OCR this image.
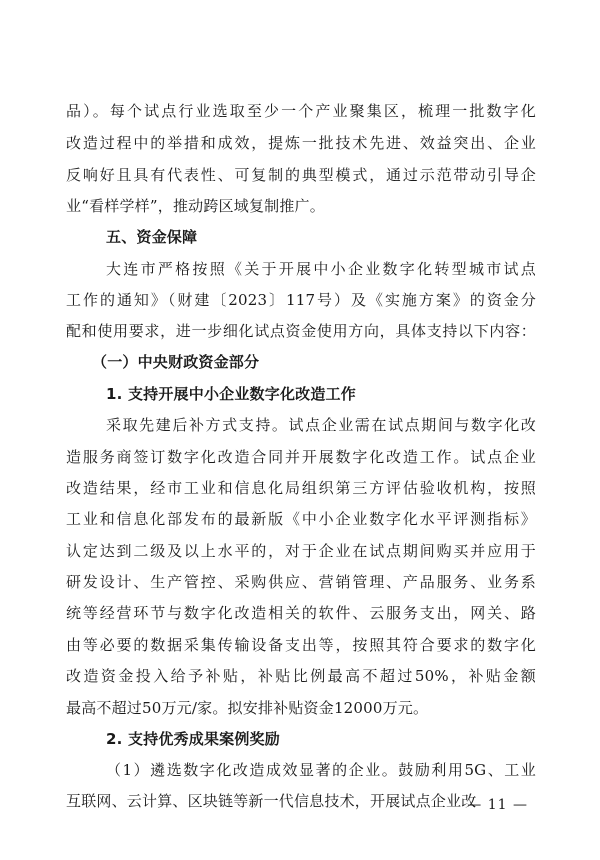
品）。每个试点行业选取至少一个产业聚集区，梳理一批数字化
改造过程中的举措和成效，提炼一批技术先进、效益突出、企业
反响好且具有代表性、可复制的典型模式，通过示范带动引导企
业“看样学样”，推动跨区域复制推广。
五、资金保障
大连市严格按照《关于开展中小企业数字化转型城市试点
工作的通知》（财建〔2023〕117号）及《实施方案》的资金分
配和使用要求，进一步细化试点资金使用方向，具体支持以下内容：
（一）中央财政资金部分
1. 支持开展中小企业数字化改造工作
采取先建后补方式支持。试点企业需在试点期间与数字化改
造服务商签订数字化改造合同并开展数字化改造工作。试点企业
改造结果，经市工业和信息化局组织第三方评估验收机构，按照
工业和信息化部发布的最新版《中小企业数字化水平评测指标》
认定达到二级及以上水平的，对于企业在试点期间购买并应用于
研发设计、生产管控、采购供应、营销管理、产品服务、业务系
统等经营环节与数字化改造相关的软件、云服务支出，网关、路
由等必要的数据采集传输设备支出等，按照其符合要求的数字化
改造资金投入给予补贴，补贴比例最高不超过50%，补贴金额
最高不超过50万元/家。拟安排补贴资金12000万元。
2. 支持优秀成果案例奖励
（1）遴选数字化改造成效显著的企业。鼓励利用5G、工业
互联网、云计算、区块链等新一代信息技术，开展试点企业改
— 11 —
